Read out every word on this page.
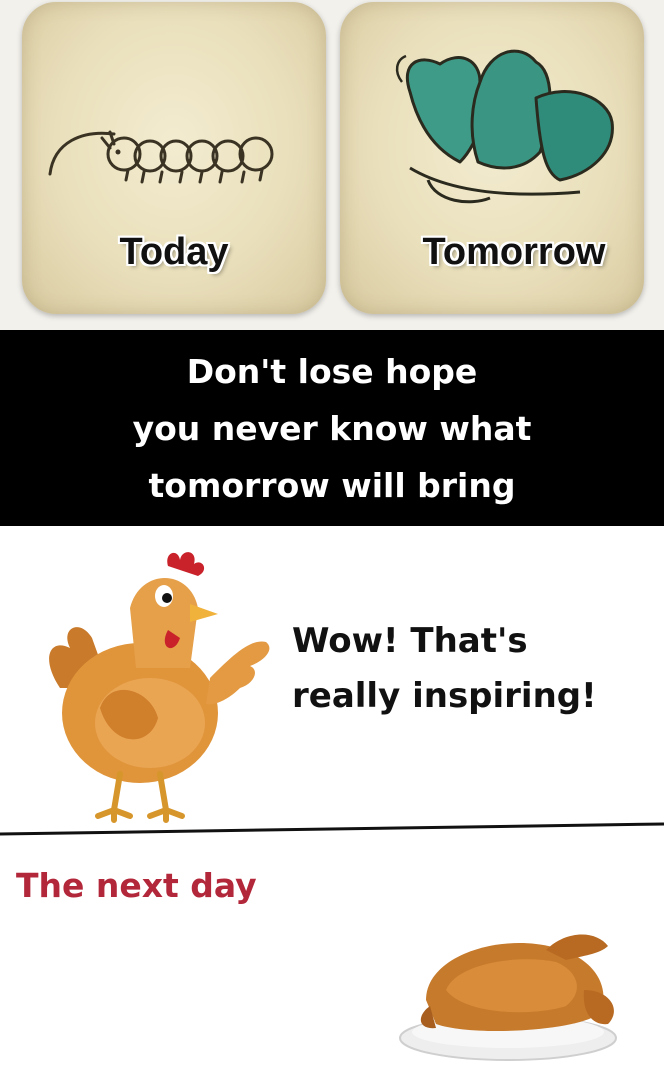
Today	Tomorrow
Don't lose hope
you never know what
tomorrow will bring
Wow! That's
really inspiring!
The next day
